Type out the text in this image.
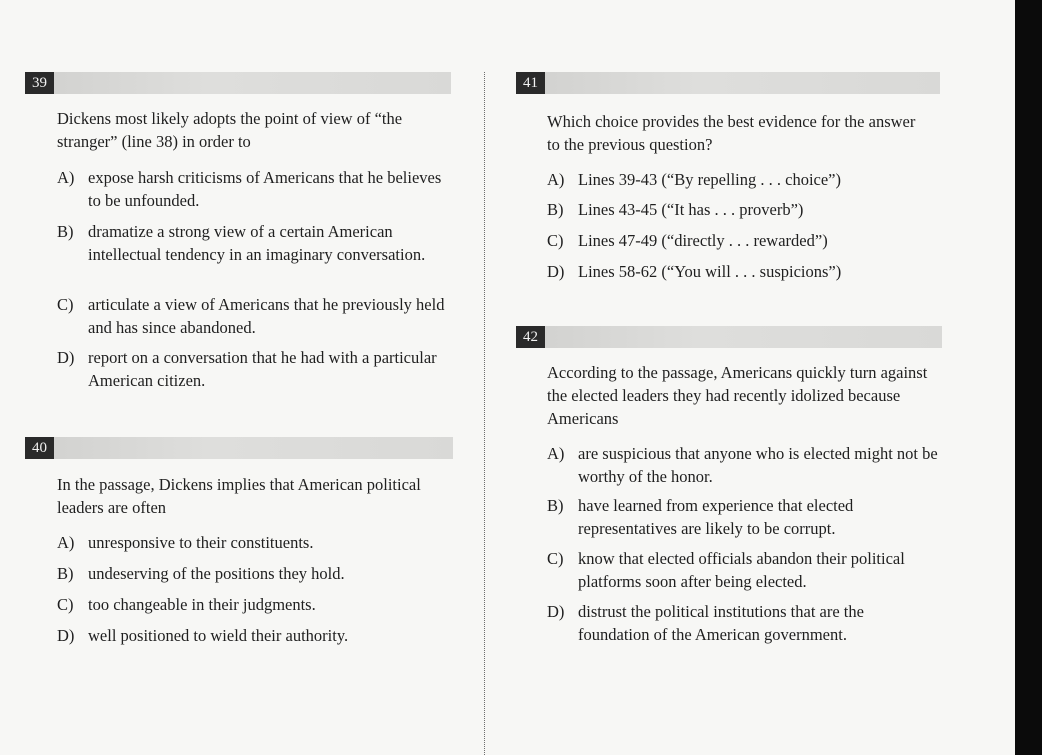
39
Dickens most likely adopts the point of view of “the stranger” (line 38) in order to
A) expose harsh criticisms of Americans that he believes to be unfounded.
B) dramatize a strong view of a certain American intellectual tendency in an imaginary conversation.
C) articulate a view of Americans that he previously held and has since abandoned.
D) report on a conversation that he had with a particular American citizen.
40
In the passage, Dickens implies that American political leaders are often
A) unresponsive to their constituents.
B) undeserving of the positions they hold.
C) too changeable in their judgments.
D) well positioned to wield their authority.
41
Which choice provides the best evidence for the answer to the previous question?
A) Lines 39-43 (“By repelling . . . choice”)
B) Lines 43-45 (“It has . . . proverb”)
C) Lines 47-49 (“directly . . . rewarded”)
D) Lines 58-62 (“You will . . . suspicions”)
42
According to the passage, Americans quickly turn against the elected leaders they had recently idolized because Americans
A) are suspicious that anyone who is elected might not be worthy of the honor.
B) have learned from experience that elected representatives are likely to be corrupt.
C) know that elected officials abandon their political platforms soon after being elected.
D) distrust the political institutions that are the foundation of the American government.
